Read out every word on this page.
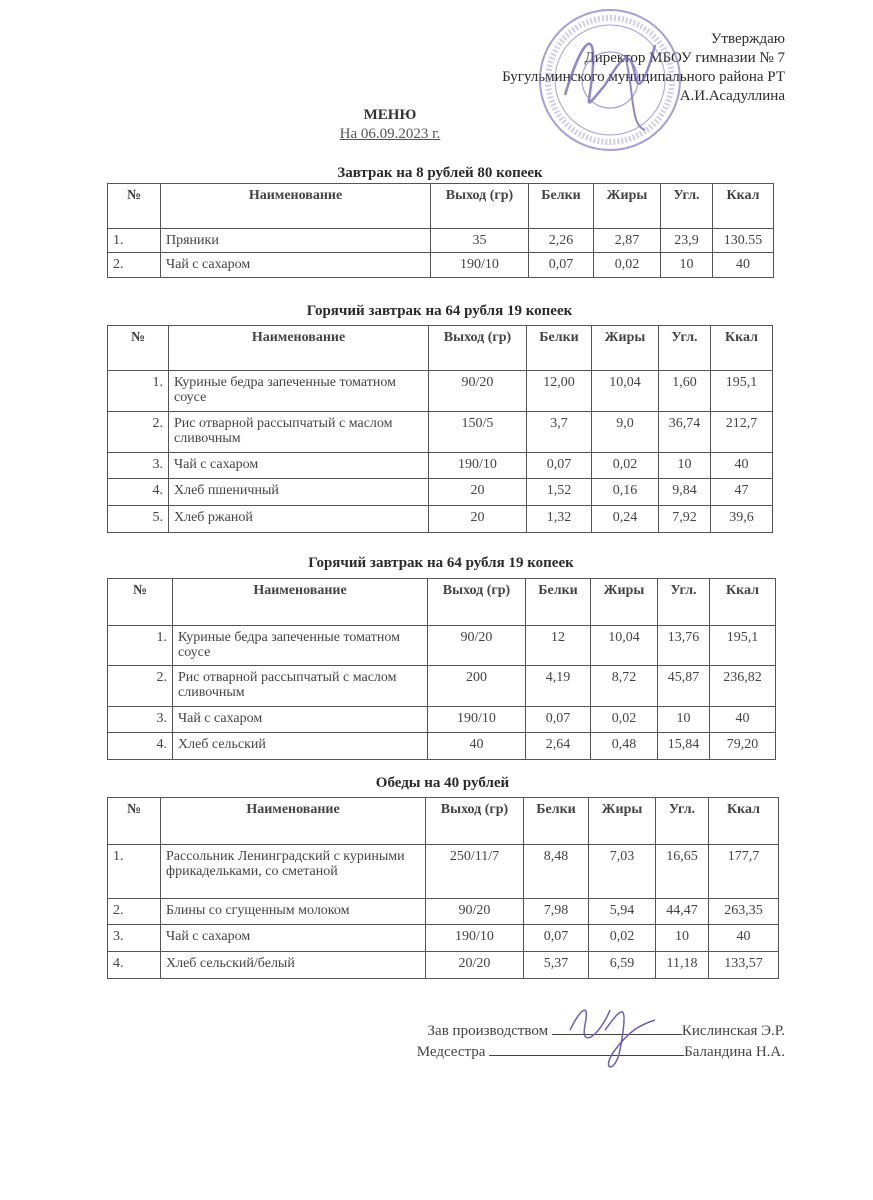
Утверждаю
Директор МБОУ гимназии № 7
Бугульминского муниципального района РТ
А.И.Асадуллина
МЕНЮ
На 06.09.2023 г.
Завтрак на 8 рублей 80 копеек
№	Наименование	Выход (гр)	Белки	Жиры	Угл.	Ккал
1.	Пряники	35	2,26	2,87	23,9	130.55
2.	Чай с сахаром	190/10	0,07	0,02	10	40
Горячий завтрак на 64 рубля 19 копеек
№	Наименование	Выход (гр)	Белки	Жиры	Угл.	Ккал
1.	Куриные бедра запеченные томатном соусе	90/20	12,00	10,04	1,60	195,1
2.	Рис отварной рассыпчатый с маслом сливочным	150/5	3,7	9,0	36,74	212,7
3.	Чай с сахаром	190/10	0,07	0,02	10	40
4.	Хлеб пшеничный	20	1,52	0,16	9,84	47
5.	Хлеб ржаной	20	1,32	0,24	7,92	39,6
Горячий завтрак на 64 рубля 19 копеек
№	Наименование	Выход (гр)	Белки	Жиры	Угл.	Ккал
1.	Куриные бедра запеченные томатном соусе	90/20	12	10,04	13,76	195,1
2.	Рис отварной рассыпчатый с маслом сливочным	200	4,19	8,72	45,87	236,82
3.	Чай с сахаром	190/10	0,07	0,02	10	40
4.	Хлеб сельский	40	2,64	0,48	15,84	79,20
Обеды на 40 рублей
№	Наименование	Выход (гр)	Белки	Жиры	Угл.	Ккал
1.	Рассольник Ленинградский с куриными фрикадельками, со сметаной	250/11/7	8,48	7,03	16,65	177,7
2.	Блины со сгущенным молоком	90/20	7,98	5,94	44,47	263,35
3.	Чай с сахаром	190/10	0,07	0,02	10	40
4.	Хлеб сельский/белый	20/20	5,37	6,59	11,18	133,57
Зав производством	Кислинская Э.Р.
Медсестра	Баландина Н.А.
